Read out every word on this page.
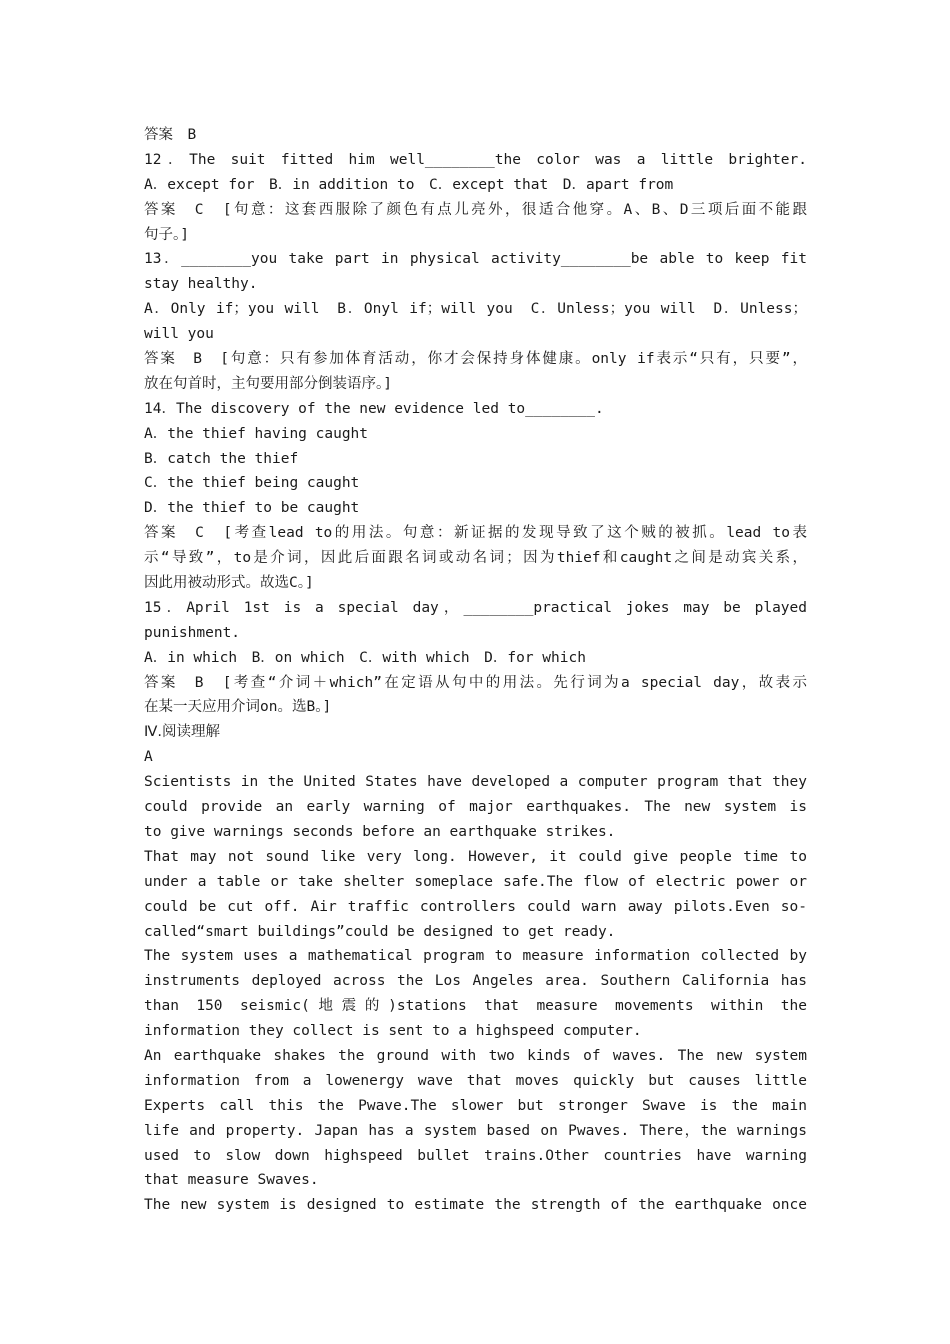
答案　B
12．The suit fitted him well________the color was a little brighter.
A．except for　B．in addition to　C．except that　D．apart from
答案　C　[句意：这套西服除了颜色有点儿亮外，很适合他穿。A、B、D三项后面不能跟
句子。]
13．________you take part in physical activity________be able to keep fit
stay healthy.
A．Only if；you will　B．Onyl if；will you　C．Unless；you will　D．Unless；
will you
答案　B　[句意：只有参加体育活动，你才会保持身体健康。only if表示“只有，只要”，
放在句首时，主句要用部分倒装语序。]
14．The discovery of the new evidence led to________.
A．the thief having caught
B．catch the thief
C．the thief being caught
D．the thief to be caught
答案　C　[考查lead to的用法。句意：新证据的发现导致了这个贼的被抓。lead to表
示“导致”，to是介词，因此后面跟名词或动名词；因为thief和caught之间是动宾关系，
因此用被动形式。故选C。]
15．April 1st is a special day，________practical jokes may be played
punishment.
A．in which　B．on which　C．with which　D．for which
答案　B　[考查“介词＋which”在定语从句中的用法。先行词为a special day，故表示
在某一天应用介词on。选B。]
Ⅳ.阅读理解
A
Scientists in the United States have developed a computer program that they
could provide an early warning of major earthquakes. The new system is
to give warnings seconds before an earthquake strikes.
That may not sound like very long. However, it could give people time to
under a table or take shelter someplace safe.The flow of electric power or
could be cut off. Air traffic controllers could warn away pilots.Even so-
called“smart buildings”could be designed to get ready.
The system uses a mathematical program to measure information collected by
instruments deployed across the Los Angeles area. Southern California has
than 150 seismic(地震的)stations that measure movements within the
information they collect is sent to a highspeed computer.
An earthquake shakes the ground with two kinds of waves. The new system
information from a lowenergy wave that moves quickly but causes little
Experts call this the Pwave.The slower but stronger Swave is the main
life and property. Japan has a system based on Pwaves. There，the warnings
used to slow down highspeed bullet trains.Other countries have warning
that measure Swaves.
The new system is designed to estimate the strength of the earthquake once
